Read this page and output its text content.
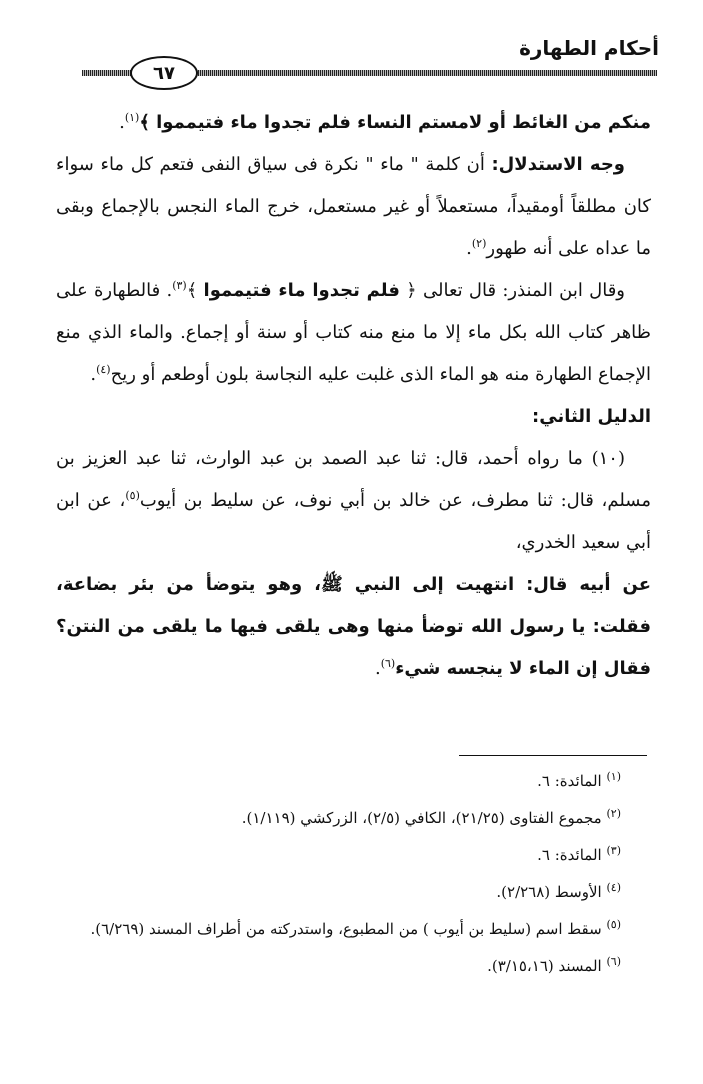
أحكام الطهارة
٦٧

منكم من الغائط أو لامستم النساء فلم تجدوا ماء فتيمموا ﴾$^{(١)}$.

وجه الاستدلال: أن كلمة " ماء " نكرة فى سياق النفى فتعم كل ماء سواء كان مطلقاً أومقيداً، مستعملاً أو غير مستعمل، خرج الماء النجس بالإجماع وبقى ما عداه على أنه طهور$^{(٢)}$.

وقال ابن المنذر: قال تعالى ﴿ فلم تجدوا ماء فتيمموا ﴾$^{(٣)}$. فالطهارة على ظاهر كتاب الله بكل ماء إلا ما منع منه كتاب أو سنة أو إجماع. والماء الذي منع الإجماع الطهارة منه هو الماء الذى غلبت عليه النجاسة بلون أوطعم أو ريح$^{(٤)}$.

الدليل الثاني:

(١٠) ما رواه أحمد، قال: ثنا عبد الصمد بن عبد الوارث، ثنا عبد العزيز بن مسلم، قال: ثنا مطرف، عن خالد بن أبي نوف، عن سليط بن أيوب$^{(٥)}$، عن ابن أبي سعيد الخدري،

عن أبيه قال: انتهيت إلى النبي ﷺ، وهو يتوضأ من بئر بضاعة، فقلت: يا رسول الله توضأ منها وهى يلقى فيها ما يلقى من النتن؟ فقال إن الماء لا ينجسه شيء$^{(٦)}$.

$^{(١)}$ المائدة: ٦.

$^{(٢)}$ مجموع الفتاوى (٢١/٢٥)، الكافي (٢/٥)، الزركشي (١/١١٩).

$^{(٣)}$ المائدة: ٦.

$^{(٤)}$ الأوسط (٢/٢٦٨).

$^{(٥)}$ سقط اسم (سليط بن أيوب ) من المطبوع، واستدركته من أطراف المسند (٦/٢٦٩).

$^{(٦)}$ المسند (٣/١٥،١٦).
